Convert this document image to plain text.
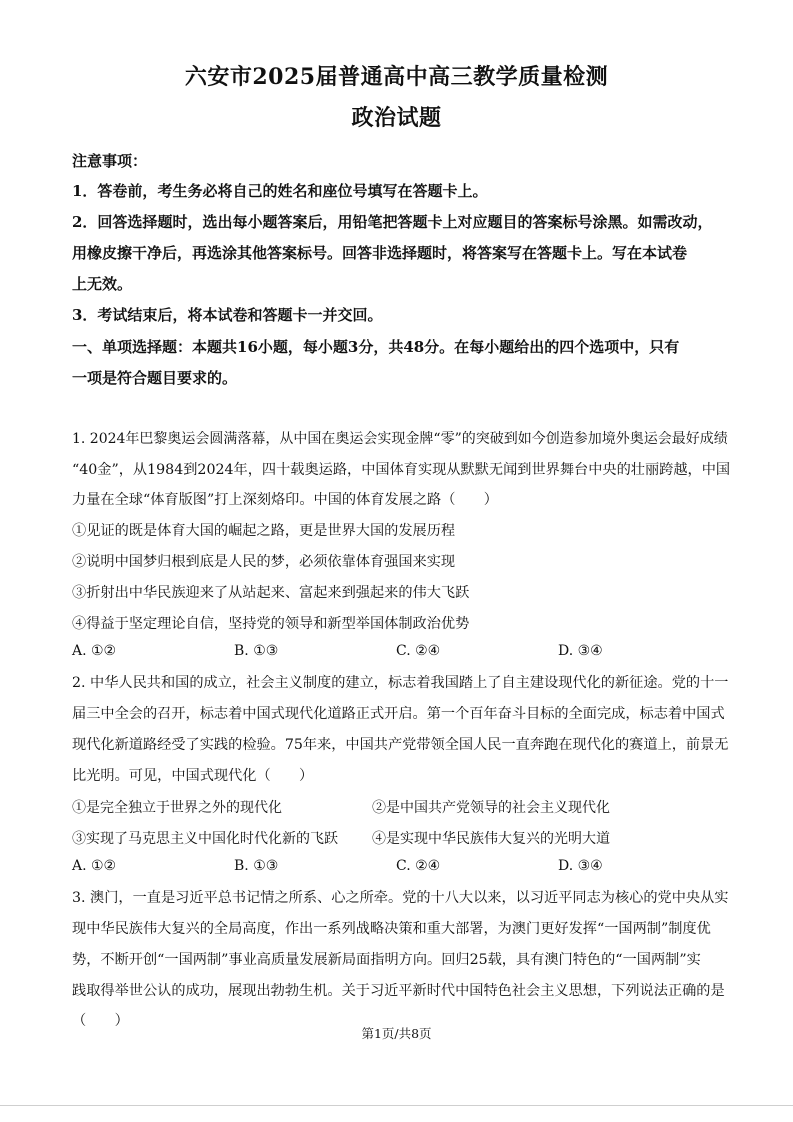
六安市2025届普通高中高三教学质量检测
政治试题
注意事项：
1．答卷前，考生务必将自己的姓名和座位号填写在答题卡上。
2．回答选择题时，选出每小题答案后，用铅笔把答题卡上对应题目的答案标号涂黑。如需改动，
用橡皮擦干净后，再选涂其他答案标号。回答非选择题时，将答案写在答题卡上。写在本试卷
上无效。
3．考试结束后，将本试卷和答题卡一并交回。
一、单项选择题：本题共16小题，每小题3分，共48分。在每小题给出的四个选项中，只有
一项是符合题目要求的。
1. 2024年巴黎奥运会圆满落幕，从中国在奥运会实现金牌“零”的突破到如今创造参加境外奥运会最好成绩
“40金”，从1984到2024年，四十载奥运路，中国体育实现从默默无闻到世界舞台中央的壮丽跨越，中国
力量在全球“体育版图”打上深刻烙印。中国的体育发展之路（　　）
①见证的既是体育大国的崛起之路，更是世界大国的发展历程
②说明中国梦归根到底是人民的梦，必须依靠体育强国来实现
③折射出中华民族迎来了从站起来、富起来到强起来的伟大飞跃
④得益于坚定理论自信，坚持党的领导和新型举国体制政治优势
A. ①②	B. ①③	C. ②④	D. ③④
2. 中华人民共和国的成立，社会主义制度的建立，标志着我国踏上了自主建设现代化的新征途。党的十一
届三中全会的召开，标志着中国式现代化道路正式开启。第一个百年奋斗目标的全面完成，标志着中国式
现代化新道路经受了实践的检验。75年来，中国共产党带领全国人民一直奔跑在现代化的赛道上，前景无
比光明。可见，中国式现代化（　　）
①是完全独立于世界之外的现代化	②是中国共产党领导的社会主义现代化
③实现了马克思主义中国化时代化新的飞跃 ④是实现中华民族伟大复兴的光明大道
A. ①②	B. ①③	C. ②④	D. ③④
3. 澳门，一直是习近平总书记情之所系、心之所牵。党的十八大以来，以习近平同志为核心的党中央从实
现中华民族伟大复兴的全局高度，作出一系列战略决策和重大部署，为澳门更好发挥“一国两制”制度优
势，不断开创“一国两制”事业高质量发展新局面指明方向。回归25载，具有澳门特色的“一国两制”实
践取得举世公认的成功，展现出勃勃生机。关于习近平新时代中国特色社会主义思想，下列说法正确的是
（　　）
第1页/共8页
